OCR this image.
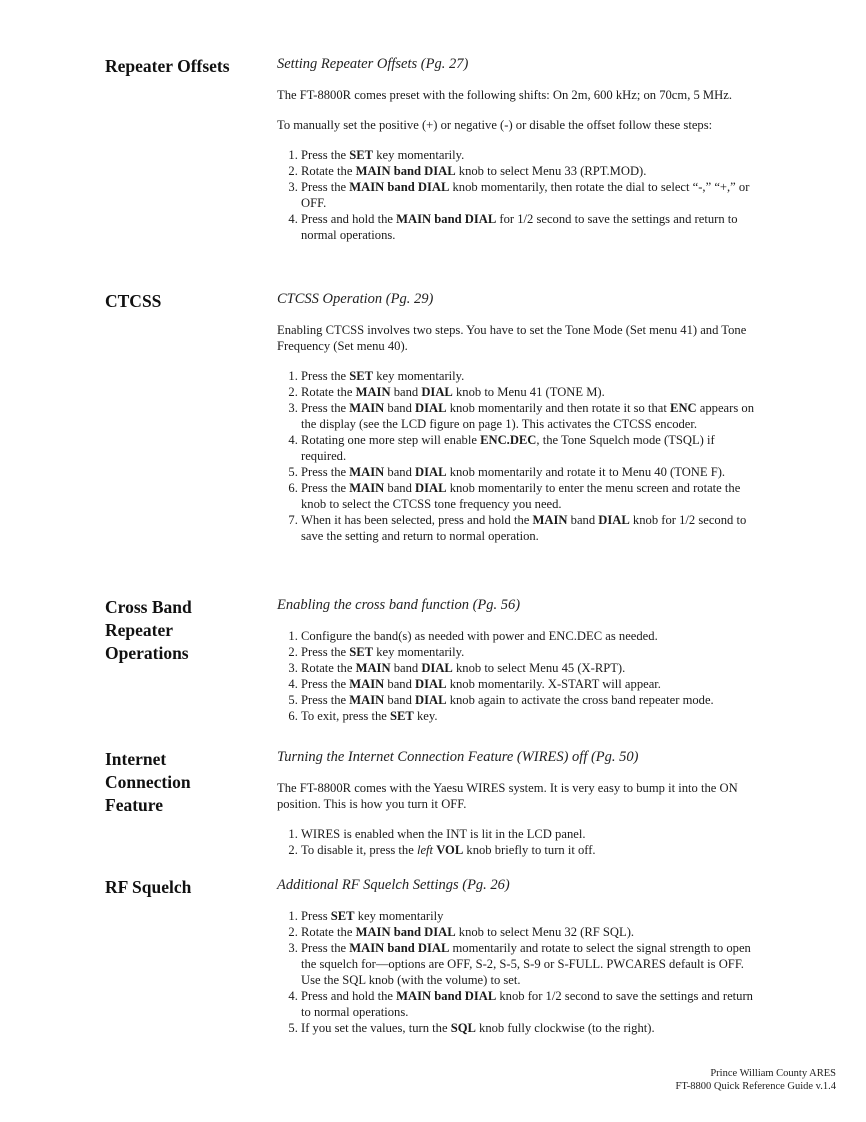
Repeater Offsets	Setting Repeater Offsets (Pg. 27)
The FT-8800R comes preset with the following shifts: On 2m, 600 kHz; on 70cm, 5 MHz.
To manually set the positive (+) or negative (-) or disable the offset follow these steps:
1. Press the SET key momentarily.
2. Rotate the MAIN band DIAL knob to select Menu 33 (RPT.MOD).
3. Press the MAIN band DIAL knob momentarily, then rotate the dial to select “-,” “+,” or OFF.
4. Press and hold the MAIN band DIAL for 1/2 second to save the settings and return to normal operations.
CTCSS	CTCSS Operation (Pg. 29)
Enabling CTCSS involves two steps. You have to set the Tone Mode (Set menu 41) and Tone Frequency (Set menu 40).
1. Press the SET key momentarily.
2. Rotate the MAIN band DIAL knob to Menu 41 (TONE M).
3. Press the MAIN band DIAL knob momentarily and then rotate it so that ENC appears on the display (see the LCD figure on page 1). This activates the CTCSS encoder.
4. Rotating one more step will enable ENC.DEC, the Tone Squelch mode (TSQL) if required.
5. Press the MAIN band DIAL knob momentarily and rotate it to Menu 40 (TONE F).
6. Press the MAIN band DIAL knob momentarily to enter the menu screen and rotate the knob to select the CTCSS tone frequency you need.
7. When it has been selected, press and hold the MAIN band DIAL knob for 1/2 second to save the setting and return to normal operation.
Cross Band Repeater Operations
Enabling the cross band function (Pg. 56)
1. Configure the band(s) as needed with power and ENC.DEC as needed.
2. Press the SET key momentarily.
3. Rotate the MAIN band DIAL knob to select Menu 45 (X-RPT).
4. Press the MAIN band DIAL knob momentarily. X-START will appear.
5. Press the MAIN band DIAL knob again to activate the cross band repeater mode.
6. To exit, press the SET key.
Internet Connection Feature
Turning the Internet Connection Feature (WIRES) off (Pg. 50)
The FT-8800R comes with the Yaesu WIRES system. It is very easy to bump it into the ON position. This is how you turn it OFF.
1. WIRES is enabled when the INT is lit in the LCD panel.
2. To disable it, press the left VOL knob briefly to turn it off.
RF Squelch	Additional RF Squelch Settings (Pg. 26)
1. Press SET key momentarily
2. Rotate the MAIN band DIAL knob to select Menu 32 (RF SQL).
3. Press the MAIN band DIAL momentarily and rotate to select the signal strength to open the squelch for—options are OFF, S-2, S-5, S-9 or S-FULL. PWCARES default is OFF. Use the SQL knob (with the volume) to set.
4. Press and hold the MAIN band DIAL knob for 1/2 second to save the settings and return to normal operations.
5. If you set the values, turn the SQL knob fully clockwise (to the right).
Prince William County ARES
FT-8800 Quick Reference Guide v.1.4
